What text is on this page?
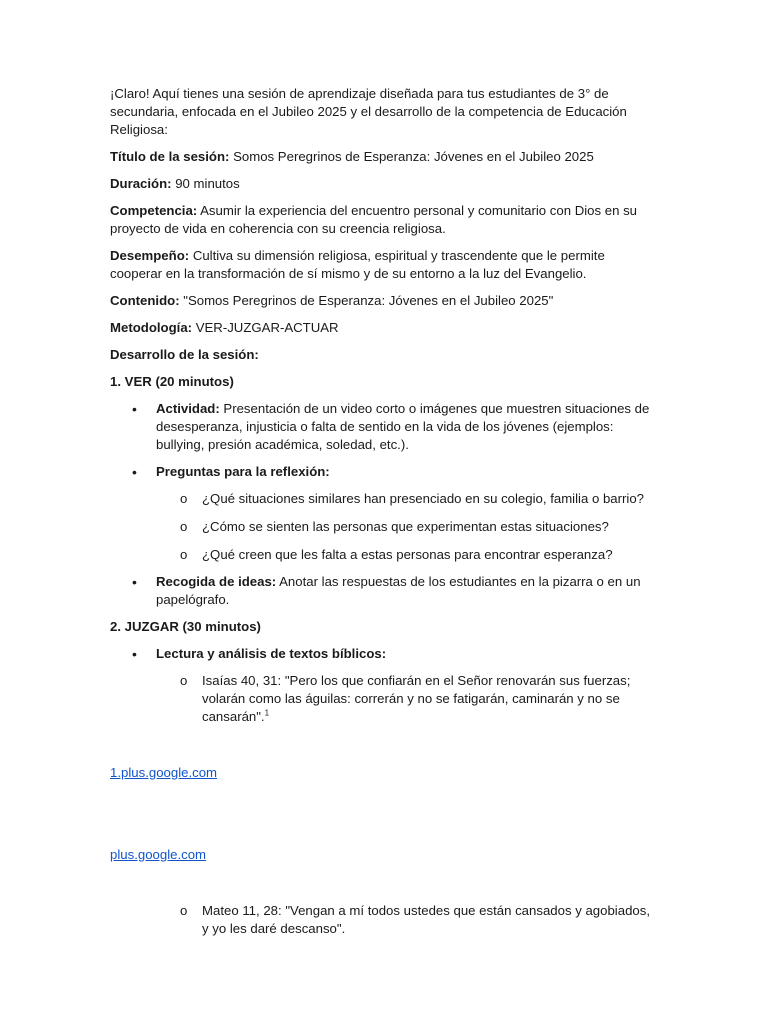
¡Claro! Aquí tienes una sesión de aprendizaje diseñada para tus estudiantes de 3° de secundaria, enfocada en el Jubileo 2025 y el desarrollo de la competencia de Educación Religiosa:

Título de la sesión: Somos Peregrinos de Esperanza: Jóvenes en el Jubileo 2025

Duración: 90 minutos

Competencia: Asumir la experiencia del encuentro personal y comunitario con Dios en su proyecto de vida en coherencia con su creencia religiosa.

Desempeño: Cultiva su dimensión religiosa, espiritual y trascendente que le permite cooperar en la transformación de sí mismo y de su entorno a la luz del Evangelio.

Contenido: "Somos Peregrinos de Esperanza: Jóvenes en el Jubileo 2025"

Metodología: VER-JUZGAR-ACTUAR

Desarrollo de la sesión:

1. VER (20 minutos)

• Actividad: Presentación de un video corto o imágenes que muestren situaciones de desesperanza, injusticia o falta de sentido en la vida de los jóvenes (ejemplos: bullying, presión académica, soledad, etc.).
• Preguntas para la reflexión:
o ¿Qué situaciones similares han presenciado en su colegio, familia o barrio?
o ¿Cómo se sienten las personas que experimentan estas situaciones?
o ¿Qué creen que les falta a estas personas para encontrar esperanza?
• Recogida de ideas: Anotar las respuestas de los estudiantes en la pizarra o en un papelógrafo.

2. JUZGAR (30 minutos)

• Lectura y análisis de textos bíblicos:
o Isaías 40, 31: "Pero los que confiarán en el Señor renovarán sus fuerzas; volarán como las águilas: correrán y no se fatigarán, caminarán y no se cansarán".$^1$
1.plus.google.com
plus.google.com
o Mateo 11, 28: "Vengan a mí todos ustedes que están cansados y agobiados, y yo les daré descanso".
